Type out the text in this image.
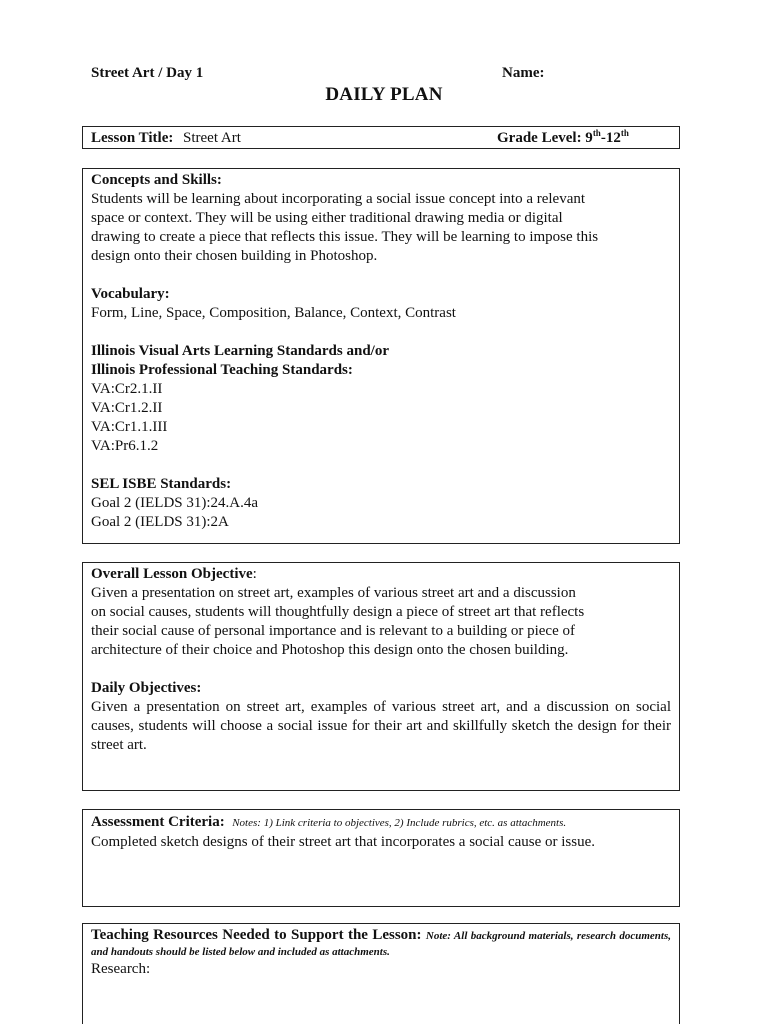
Street Art / Day 1	Name:
DAILY PLAN
Lesson Title: Street Art	Grade Level: 9th-12th

Concepts and Skills:

Students will be learning about incorporating a social issue concept into a relevant

space or context. They will be using either traditional drawing media or digital

drawing to create a piece that reflects this issue. They will be learning to impose this

design onto their chosen building in Photoshop.

Vocabulary:

Form, Line, Space, Composition, Balance, Context, Contrast

Illinois Visual Arts Learning Standards and/or

Illinois Professional Teaching Standards:

VA:Cr2.1.II

VA:Cr1.2.II

VA:Cr1.1.III

VA:Pr6.1.2

SEL ISBE Standards:

Goal 2 (IELDS 31):24.A.4a

Goal 2 (IELDS 31):2A

Overall Lesson Objective:

Given a presentation on street art, examples of various street art and a discussion

on social causes, students will thoughtfully design a piece of street art that reflects

their social cause of personal importance and is relevant to a building or piece of

architecture of their choice and Photoshop this design onto the chosen building.

Daily Objectives:

Given a presentation on street art, examples of various street art, and a discussion on social causes, students will choose a social issue for their art and skillfully sketch the design for their street art.

Assessment Criteria: Notes: 1) Link criteria to objectives, 2) Include rubrics, etc. as attachments.

Completed sketch designs of their street art that incorporates a social cause or issue.

Teaching Resources Needed to Support the Lesson: Note: All background materials, research documents, and handouts should be listed below and included as attachments.

Research:
